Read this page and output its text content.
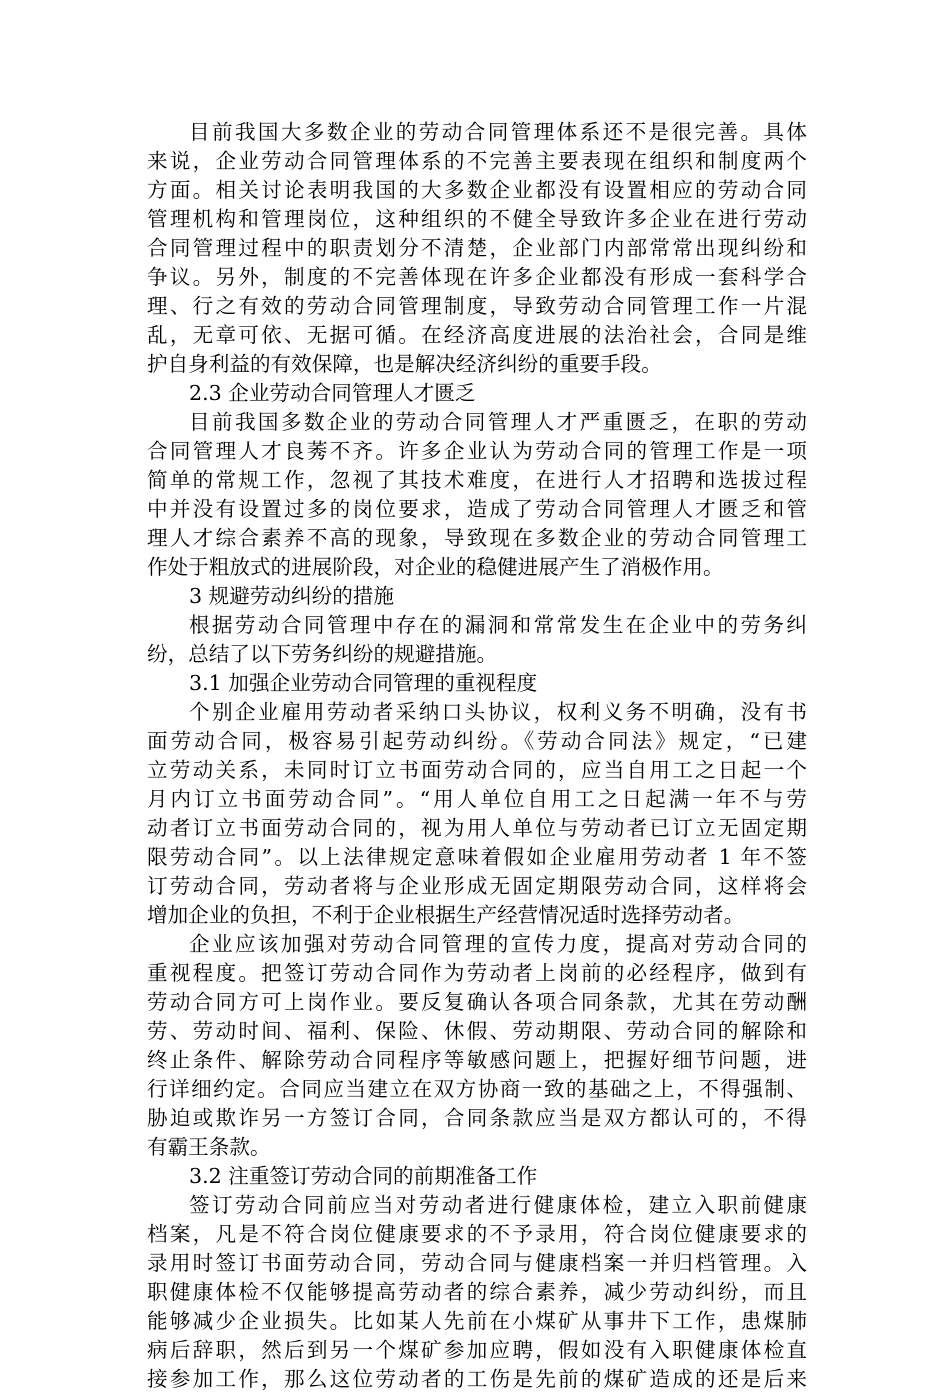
目前我国大多数企业的劳动合同管理体系还不是很完善。具体
来说，企业劳动合同管理体系的不完善主要表现在组织和制度两个
方面。相关讨论表明我国的大多数企业都没有设置相应的劳动合同
管理机构和管理岗位，这种组织的不健全导致许多企业在进行劳动
合同管理过程中的职责划分不清楚，企业部门内部常常出现纠纷和
争议。另外，制度的不完善体现在许多企业都没有形成一套科学合
理、行之有效的劳动合同管理制度，导致劳动合同管理工作一片混
乱，无章可依、无据可循。在经济高度进展的法治社会，合同是维
护自身利益的有效保障，也是解决经济纠纷的重要手段。
2.3 企业劳动合同管理人才匮乏
目前我国多数企业的劳动合同管理人才严重匮乏，在职的劳动
合同管理人才良莠不齐。许多企业认为劳动合同的管理工作是一项
简单的常规工作，忽视了其技术难度，在进行人才招聘和选拔过程
中并没有设置过多的岗位要求，造成了劳动合同管理人才匮乏和管
理人才综合素养不高的现象，导致现在多数企业的劳动合同管理工
作处于粗放式的进展阶段，对企业的稳健进展产生了消极作用。
3 规避劳动纠纷的措施
根据劳动合同管理中存在的漏洞和常常发生在企业中的劳务纠
纷，总结了以下劳务纠纷的规避措施。
3.1 加强企业劳动合同管理的重视程度
个别企业雇用劳动者采纳口头协议，权利义务不明确，没有书
面劳动合同，极容易引起劳动纠纷。《劳动合同法》规定，“已建
立劳动关系，未同时订立书面劳动合同的，应当自用工之日起一个
月内订立书面劳动合同”。“用人单位自用工之日起满一年不与劳
动者订立书面劳动合同的，视为用人单位与劳动者已订立无固定期
限劳动合同”。以上法律规定意味着假如企业雇用劳动者 1 年不签
订劳动合同，劳动者将与企业形成无固定期限劳动合同，这样将会
增加企业的负担，不利于企业根据生产经营情况适时选择劳动者。
企业应该加强对劳动合同管理的宣传力度，提高对劳动合同的
重视程度。把签订劳动合同作为劳动者上岗前的必经程序，做到有
劳动合同方可上岗作业。要反复确认各项合同条款，尤其在劳动酬
劳、劳动时间、福利、保险、休假、劳动期限、劳动合同的解除和
终止条件、解除劳动合同程序等敏感问题上，把握好细节问题，进
行详细约定。合同应当建立在双方协商一致的基础之上，不得强制、
胁迫或欺诈另一方签订合同，合同条款应当是双方都认可的，不得
有霸王条款。
3.2 注重签订劳动合同的前期准备工作
签订劳动合同前应当对劳动者进行健康体检，建立入职前健康
档案，凡是不符合岗位健康要求的不予录用，符合岗位健康要求的
录用时签订书面劳动合同，劳动合同与健康档案一并归档管理。入
职健康体检不仅能够提高劳动者的综合素养，减少劳动纠纷，而且
能够减少企业损失。比如某人先前在小煤矿从事井下工作，患煤肺
病后辞职，然后到另一个煤矿参加应聘，假如没有入职健康体检直
接参加工作，那么这位劳动者的工伤是先前的煤矿造成的还是后来
